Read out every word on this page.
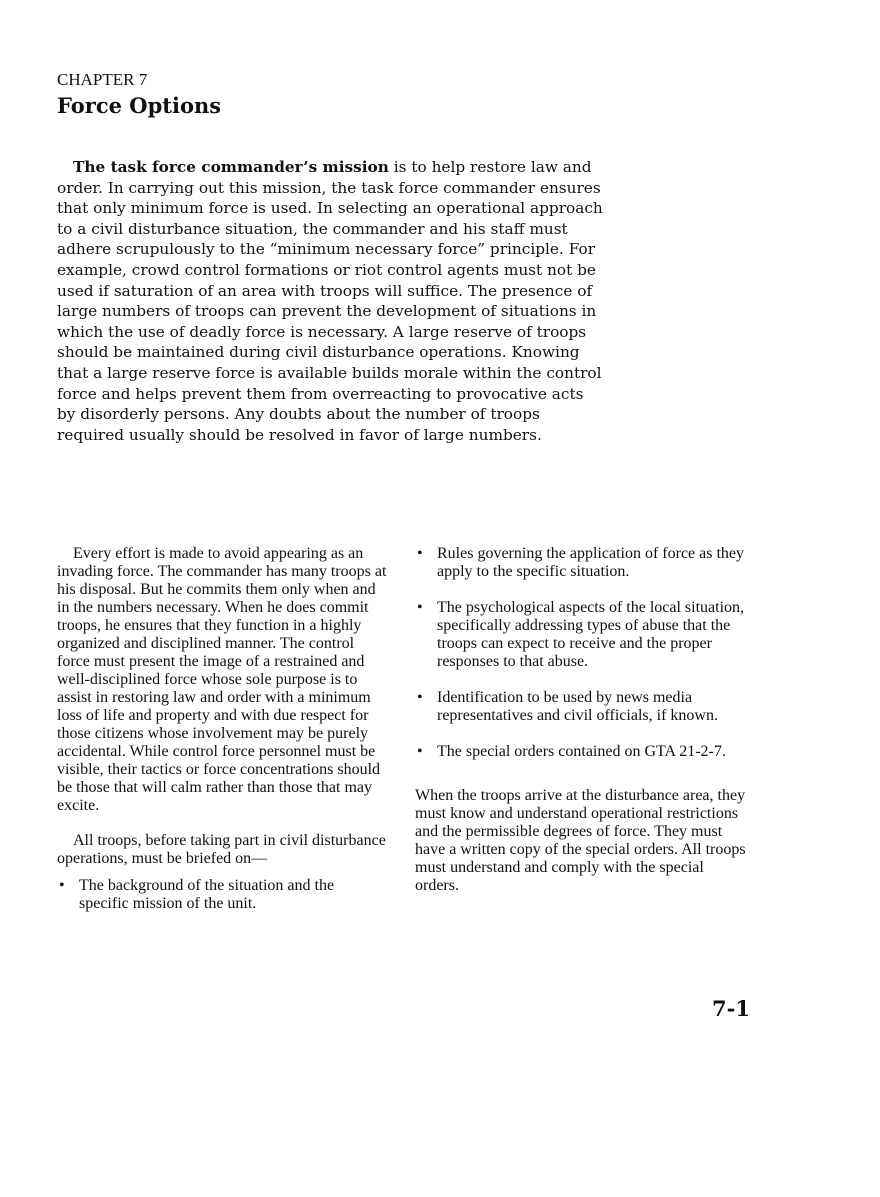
CHAPTER 7
Force Options

The task force commander’s mission is to help restore law and order. In carrying out this mission, the task force commander ensures that only minimum force is used. In selecting an operational approach to a civil disturbance situation, the commander and his staff must adhere scrupulously to the “minimum necessary force” principle. For example, crowd control formations or riot control agents must not be used if saturation of an area with troops will suffice. The presence of large numbers of troops can prevent the development of situations in which the use of deadly force is necessary. A large reserve of troops should be maintained during civil disturbance operations. Knowing that a large reserve force is available builds morale within the control force and helps prevent them from overreacting to provocative acts by disorderly persons. Any doubts about the number of troops required usually should be resolved in favor of large numbers.

Every effort is made to avoid appearing as an invading force. The commander has many troops at his disposal. But he commits them only when and in the numbers necessary. When he does commit troops, he ensures that they function in a highly organized and disciplined manner. The control force must present the image of a restrained and well-disciplined force whose sole purpose is to assist in restoring law and order with a minimum loss of life and property and with due respect for those citizens whose involvement may be purely accidental. While control force personnel must be visible, their tactics or force concentrations should be those that will calm rather than those that may excite.

All troops, before taking part in civil disturbance operations, must be briefed on—

• The background of the situation and the specific mission of the unit.
• Rules governing the application of force as they apply to the specific situation.
• The psychological aspects of the local situation, specifically addressing types of abuse that the troops can expect to receive and the proper responses to that abuse.
• Identification to be used by news media representatives and civil officials, if known.
• The special orders contained on GTA 21-2-7.

When the troops arrive at the disturbance area, they must know and understand operational restrictions and the permissible degrees of force. They must have a written copy of the special orders. All troops must understand and comply with the special orders.

7-1
